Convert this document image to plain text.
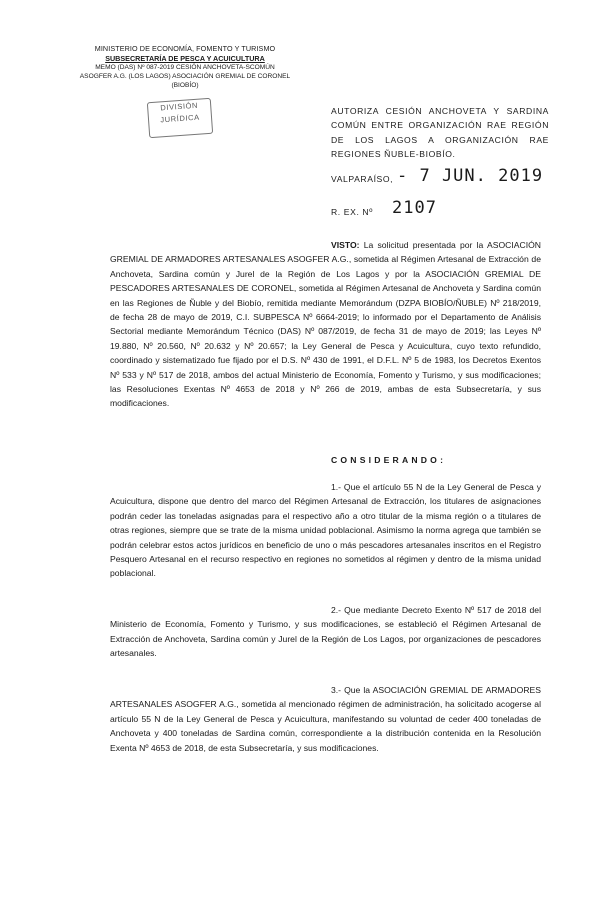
MINISTERIO DE ECONOMÍA, FOMENTO Y TURISMO
SUBSECRETARÍA DE PESCA Y ACUICULTURA
MEMO (DAS) Nº 087-2019 CESIÓN ANCHOVETA-SCOMÚN
ASOGFER A.G. (LOS LAGOS) ASOCIACIÓN GREMIAL DE CORONEL
(BIOBÍO)
DIVISIÓN
JURÍDICA
AUTORIZA CESIÓN ANCHOVETA Y SARDINA COMÚN ENTRE ORGANIZACIÓN RAE REGIÓN DE LOS LAGOS A ORGANIZACIÓN RAE REGIONES ÑUBLE-BIOBÍO.
VALPARAÍSO, - 7 JUN. 2019
R. EX. Nº 2107
VISTO: La solicitud presentada por la ASOCIACIÓN GREMIAL DE ARMADORES ARTESANALES ASOGFER A.G., sometida al Régimen Artesanal de Extracción de Anchoveta, Sardina común y Jurel de la Región de Los Lagos y por la ASOCIACIÓN GREMIAL DE PESCADORES ARTESANALES DE CORONEL, sometida al Régimen Artesanal de Anchoveta y Sardina común en las Regiones de Ñuble y del Biobío, remitida mediante Memorándum (DZPA BIOBÍO/ÑUBLE) Nº 218/2019, de fecha 28 de mayo de 2019, C.I. SUBPESCA Nº 6664-2019; lo informado por el Departamento de Análisis Sectorial mediante Memorándum Técnico (DAS) Nº 087/2019, de fecha 31 de mayo de 2019; las Leyes Nº 19.880, Nº 20.560, Nº 20.632 y Nº 20.657; la Ley General de Pesca y Acuicultura, cuyo texto refundido, coordinado y sistematizado fue fijado por el D.S. Nº 430 de 1991, el D.F.L. Nº 5 de 1983, los Decretos Exentos Nº 533 y Nº 517 de 2018, ambos del actual Ministerio de Economía, Fomento y Turismo, y sus modificaciones; las Resoluciones Exentas Nº 4653 de 2018 y Nº 266 de 2019, ambas de esta Subsecretaría, y sus modificaciones.
CONSIDERANDO:
1.- Que el artículo 55 N de la Ley General de Pesca y Acuicultura, dispone que dentro del marco del Régimen Artesanal de Extracción, los titulares de asignaciones podrán ceder las toneladas asignadas para el respectivo año a otro titular de la misma región o a titulares de otras regiones, siempre que se trate de la misma unidad poblacional. Asimismo la norma agrega que también se podrán celebrar estos actos jurídicos en beneficio de uno o más pescadores artesanales inscritos en el Registro Pesquero Artesanal en el recurso respectivo en regiones no sometidos al régimen y dentro de la misma unidad poblacional.
2.- Que mediante Decreto Exento Nº 517 de 2018 del Ministerio de Economía, Fomento y Turismo, y sus modificaciones, se estableció el Régimen Artesanal de Extracción de Anchoveta, Sardina común y Jurel de la Región de Los Lagos, por organizaciones de pescadores artesanales.
3.- Que la ASOCIACIÓN GREMIAL DE ARMADORES ARTESANALES ASOGFER A.G., sometida al mencionado régimen de administración, ha solicitado acogerse al artículo 55 N de la Ley General de Pesca y Acuicultura, manifestando su voluntad de ceder 400 toneladas de Anchoveta y 400 toneladas de Sardina común, correspondiente a la distribución contenida en la Resolución Exenta Nº 4653 de 2018, de esta Subsecretaría, y sus modificaciones.
